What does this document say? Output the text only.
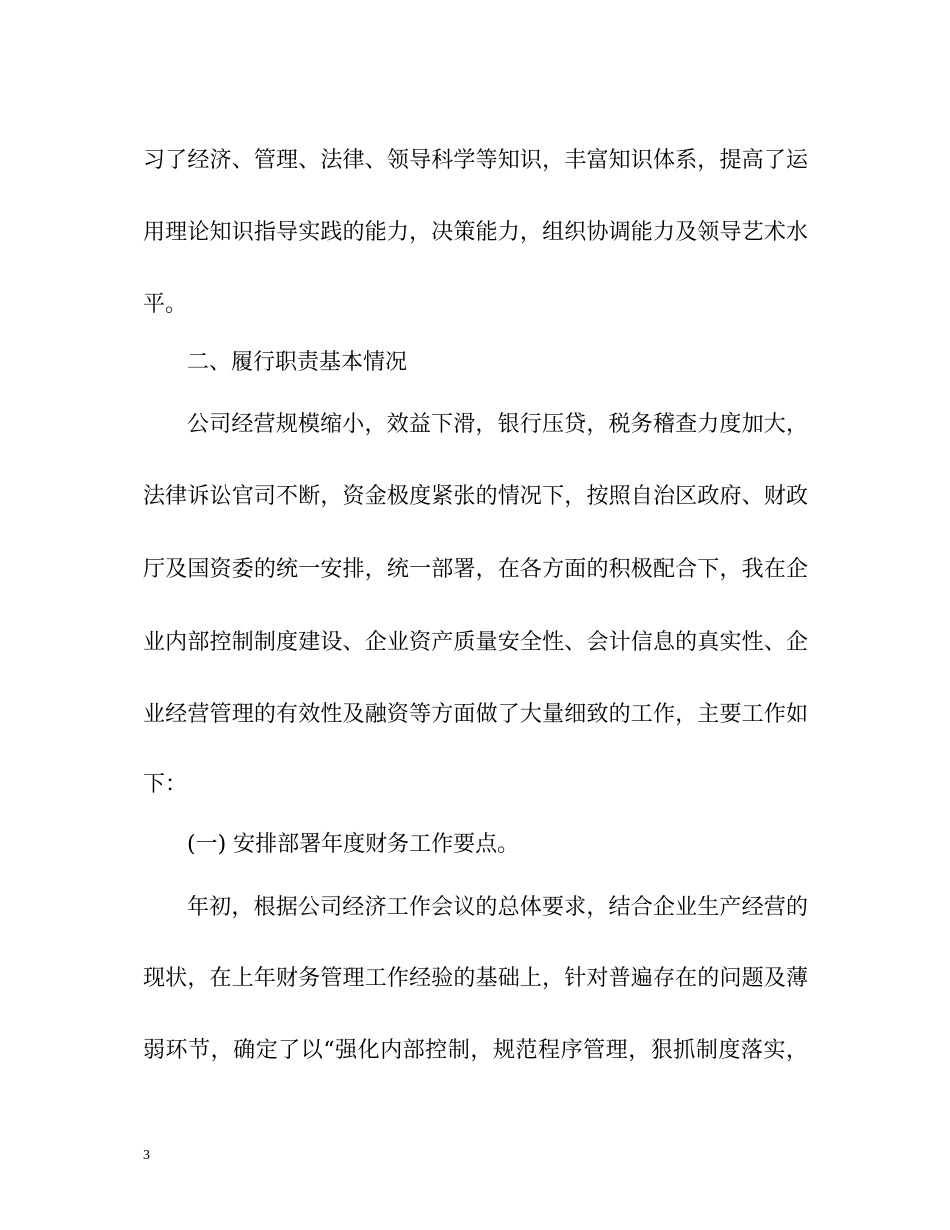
习了经济、管理、法律、领导科学等知识，丰富知识体系，提高了运
用理论知识指导实践的能力，决策能力，组织协调能力及领导艺术水
平。
二、履行职责基本情况
公司经营规模缩小，效益下滑，银行压贷，税务稽查力度加大，
法律诉讼官司不断，资金极度紧张的情况下，按照自治区政府、财政
厅及国资委的统一安排，统一部署，在各方面的积极配合下，我在企
业内部控制制度建设、企业资产质量安全性、会计信息的真实性、企
业经营管理的有效性及融资等方面做了大量细致的工作，主要工作如
下：
(一) 安排部署年度财务工作要点。
年初，根据公司经济工作会议的总体要求，结合企业生产经营的
现状，在上年财务管理工作经验的基础上，针对普遍存在的问题及薄
弱环节，确定了以“强化内部控制，规范程序管理，狠抓制度落实，
3
